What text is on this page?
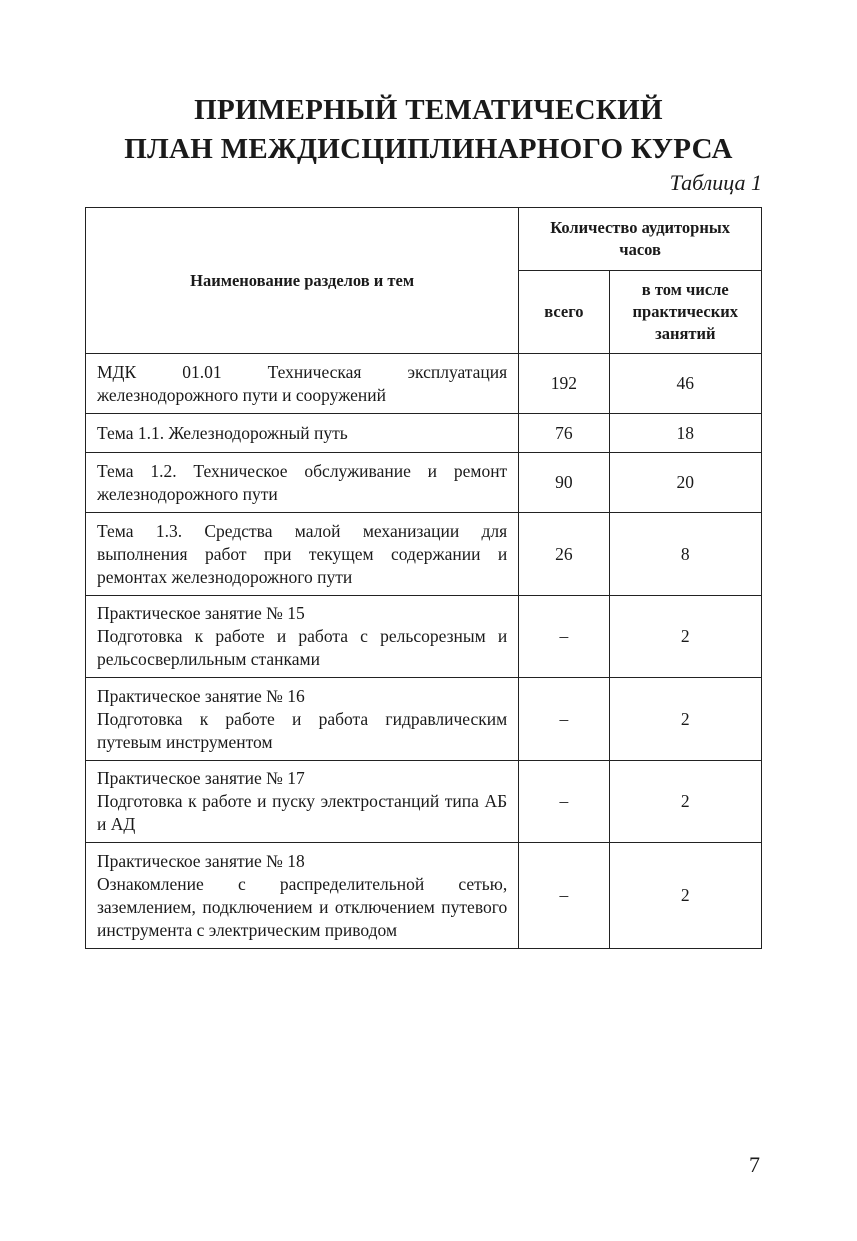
ПРИМЕРНЫЙ ТЕМАТИЧЕСКИЙ
ПЛАН МЕЖДИСЦИПЛИНАРНОГО КУРСА
Таблица 1
Наименование разделов и тем	Количество аудиторных часов	
	всего	в том числе практических занятий

МДК 01.01 Техническая эксплуатация железнодорожного пути и сооружений	192	46

Тема 1.1. Железнодорожный путь	76	18

Тема 1.2. Техническое обслуживание и ремонт железнодорожного пути	90	20

Тема 1.3. Средства малой механизации для выполнения работ при текущем содержании и ремонтах железнодорожного пути	26	8

Практическое занятие № 15
Подготовка к работе и работа с рельсорезным и рельсосверлильным станками	–	2

Практическое занятие № 16
Подготовка к работе и работа гидравлическим путевым инструментом	–	2

Практическое занятие № 17
Подготовка к работе и пуску электростанций типа АБ и АД	–	2

Практическое занятие № 18
Ознакомление с распределительной сетью, заземлением, подключением и отключением путевого инструмента с электрическим приводом	–	2
7
